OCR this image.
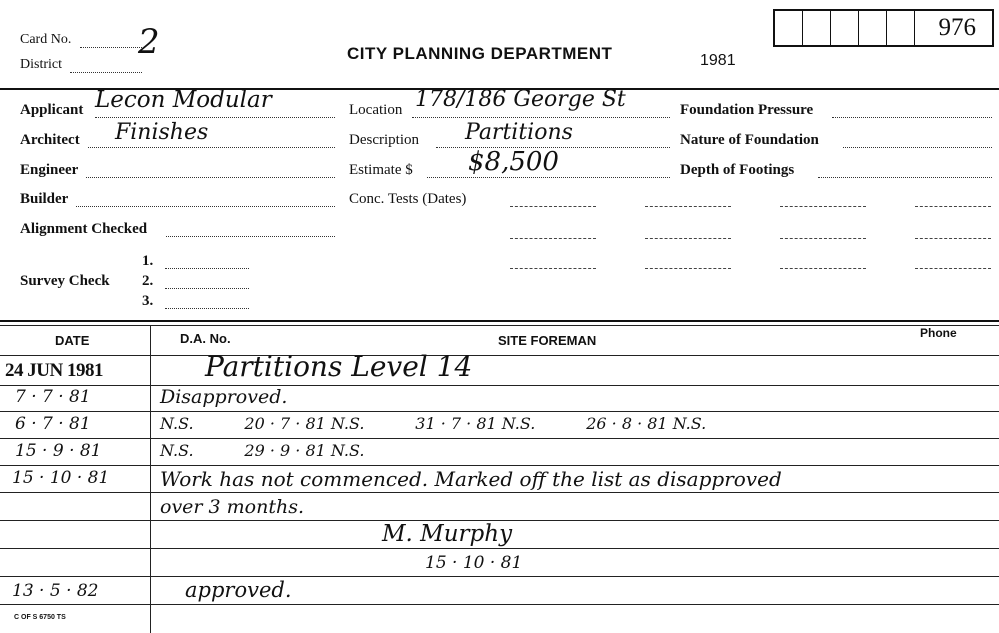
Card No. 2
District
CITY PLANNING DEPARTMENT	1981
976
Applicant Lecon Modular
Architect Finishes
Engineer
Builder
Alignment Checked
Survey Check
1.
2.
3.
Location 178/186 George St
Description Partitions
Estimate $ $8,500
Conc. Tests (Dates)
Foundation Pressure
Nature of Foundation
Depth of Footings
DATE	D.A. No.	SITE FOREMAN	Phone
24 JUN 1981	Partitions Level 14
7 · 7 · 81	Disapproved.
6 · 7 · 81	N.S.          20 · 7 · 81 N.S.          31 · 7 · 81 N.S.          26 · 8 · 81 N.S.
15 · 9 · 81	N.S.          29 · 9 · 81 N.S.
15 · 10 · 81	Work has not commenced. Marked off the list as disapproved
over 3 months.
M. Murphy
15 · 10 · 81
13 · 5 · 82	approved.
C OF S 6750 TS
